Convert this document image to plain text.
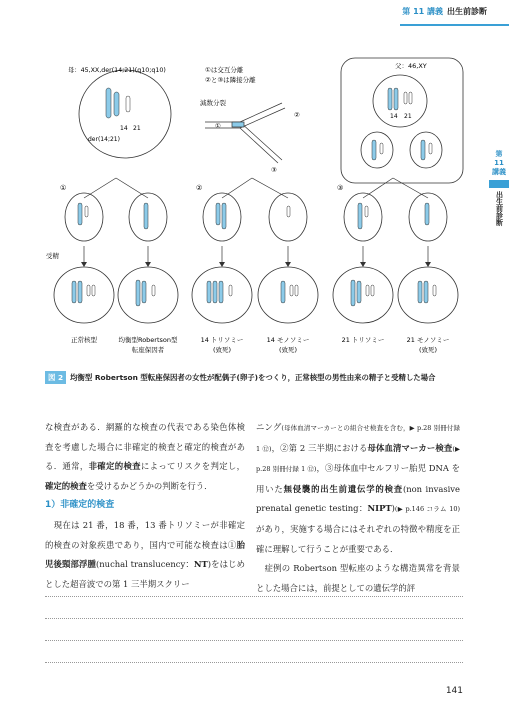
第 11 講義 出生前診断
第
11
講義
出生前診断
母：45,XX,der(14;21)(q10;q10)
14 21
der(14;21)
①は交互分離
②と③は隣接分離
減数分裂
①
②
③
父：46,XY
14 21
①	②	③
受精
正常核型	均衡型Robertson型
転座保因者
14 トリソミー
(致死)
14 モノソミー
(致死)
21 トリソミー	21 モノソミー
(致死)
図 2 均衡型 Robertson 型転座保因者の女性が配偶子(卵子)をつくり，正常核型の男性由来の精子と受精した場合

な検査がある．網羅的な検査の代表である染色体検査を考慮した場合に非確定的検査と確定的検査がある．通常，非確定的検査によってリスクを判定し，確定的検査を受けるかどうかの判断を行う．

1）非確定的検査

　現在は 21 番，18 番，13 番トリソミーが非確定的検査の対象疾患であり，国内で可能な検査は①胎児後頸部浮腫(nuchal translucency：NT)をはじめとした超音波での第 1 三半期スクリー

ニング(母体血清マーカーとの組合せ検査を含む，▶ p.28 別冊付録 1 ⑫)，②第 2 三半期における母体血清マーカー検査(▶ p.28 別冊付録 1 ⑫)，③母体血中セルフリー胎児 DNA を用いた無侵襲的出生前遺伝学的検査(non invasive prenatal genetic testing：NIPT)(▶ p.146 コラム 10)があり，実施する場合にはそれぞれの特徴や精度を正確に理解して行うことが重要である．

　症例の Robertson 型転座のような構造異常を背景とした場合には，前提としての遺伝学的評

141
